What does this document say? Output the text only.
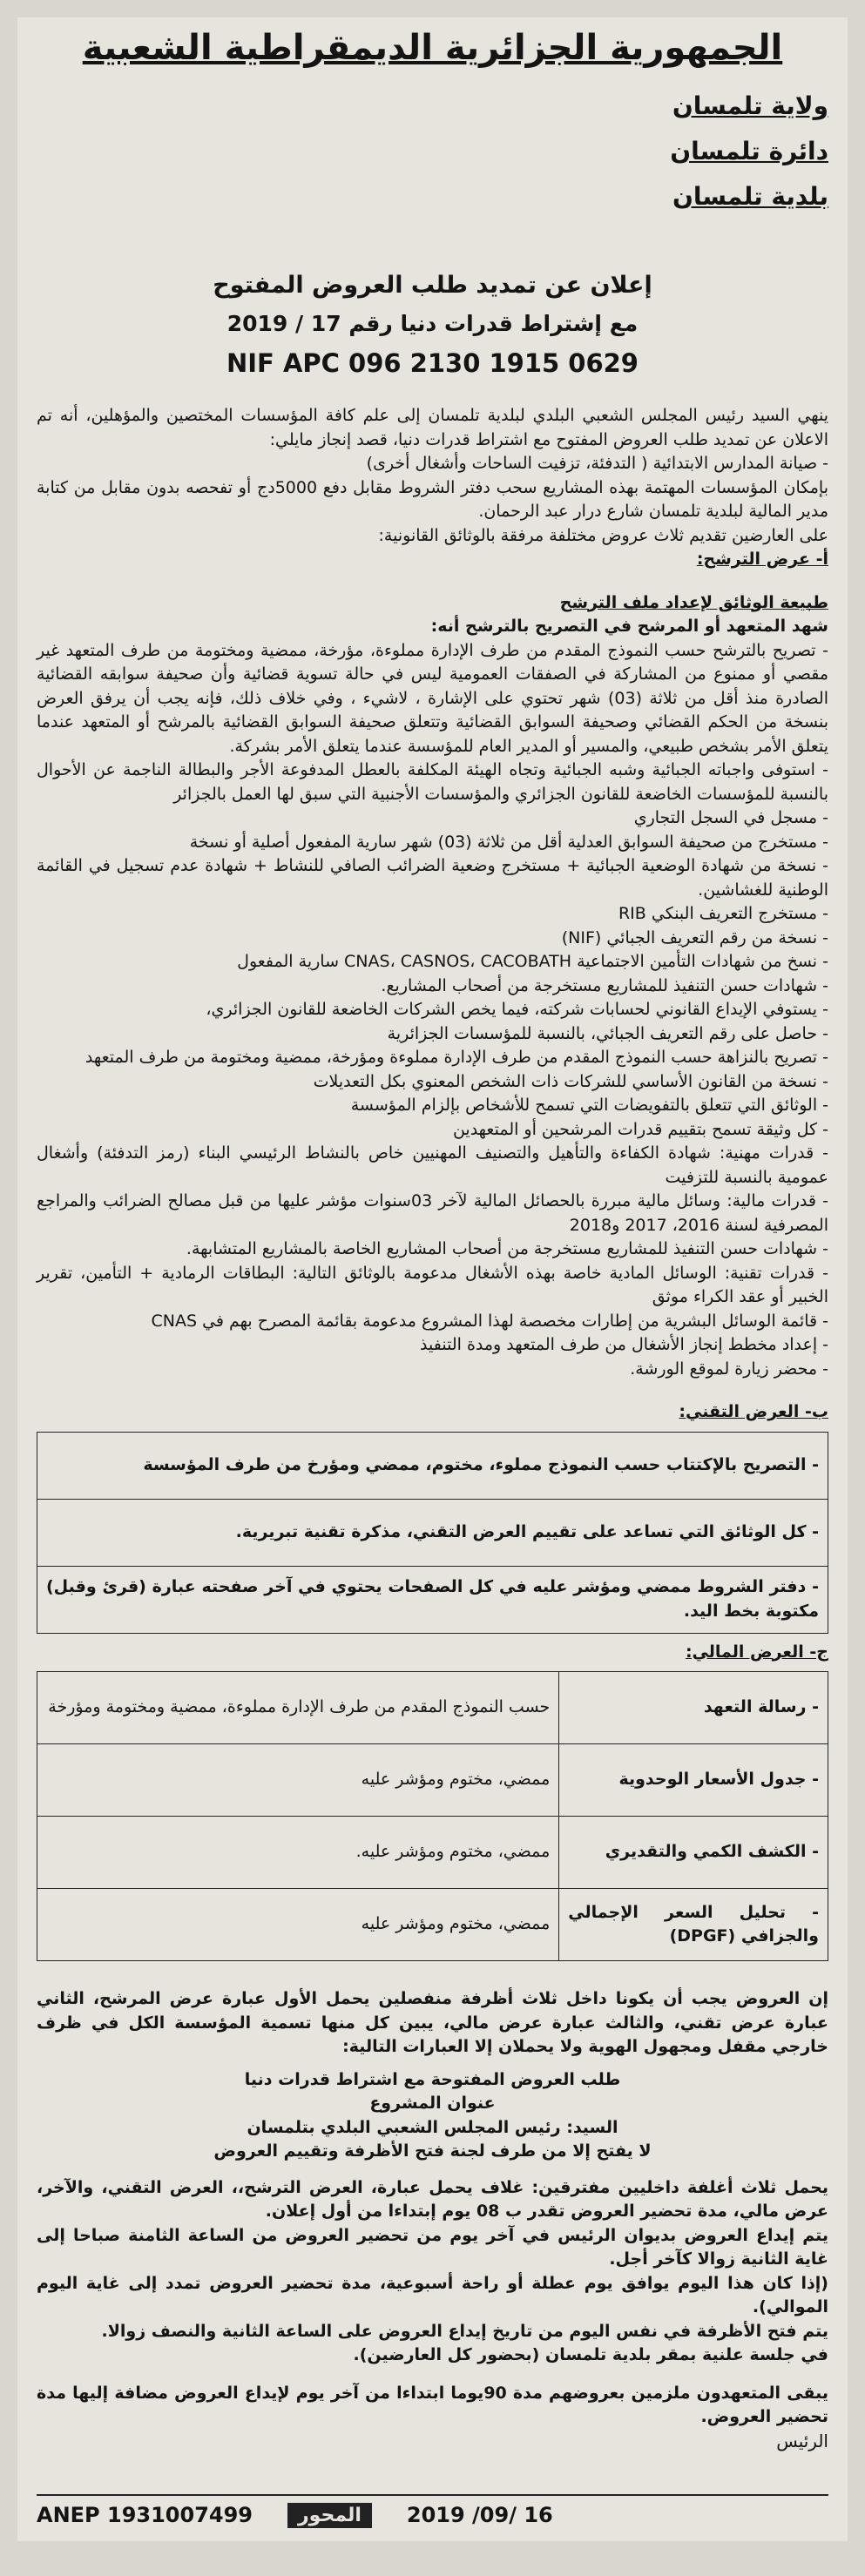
الجمهورية الجزائرية الديمقراطية الشعبية
ولاية تلمسان
دائرة تلمسان
بلدية تلمسان
إعلان عن تمديد طلب العروض المفتوح
مع إشتراط قدرات دنيا رقم 17 / 2019
NIF APC 096 2130 1915 0629

ينهي السيد رئيس المجلس الشعبي البلدي لبلدية تلمسان إلى علم كافة المؤسسات المختصين والمؤهلين، أنه تم الاعلان عن تمديد طلب العروض المفتوح مع اشتراط قدرات دنيا، قصد إنجاز مايلي:

- صيانة المدارس الابتدائية ( التدفئة، تزفيت الساحات وأشغال أخرى)

بإمكان المؤسسات المهتمة بهذه المشاريع سحب دفتر الشروط مقابل دفع 5000دج أو تفحصه بدون مقابل من كتابة مدير المالية لبلدية تلمسان شارع درار عبد الرحمان.

على العارضين تقديم ثلاث عروض مختلفة مرفقة بالوثائق القانونية:

أ- عرض الترشح:

طبيعة الوثائق لإعداد ملف الترشح

شهد المتعهد أو المرشح في التصريح بالترشح أنه:

- تصريح بالترشح حسب النموذج المقدم من طرف الإدارة مملوءة، مؤرخة، ممضية ومختومة من طرف المتعهد غير مقصي أو ممنوع من المشاركة في الصفقات العمومية ليس في حالة تسوية قضائية وأن صحيفة سوابقه القضائية الصادرة منذ أقل من ثلاثة (03) شهر تحتوي على الإشارة ، لاشيء ، وفي خلاف ذلك، فإنه يجب أن يرفق العرض بنسخة من الحكم القضائي وصحيفة السوابق القضائية وتتعلق صحيفة السوابق القضائية بالمرشح أو المتعهد عندما يتعلق الأمر بشخص طبيعي، والمسير أو المدير العام للمؤسسة عندما يتعلق الأمر بشركة.

- استوفى واجباته الجبائية وشبه الجبائية وتجاه الهيئة المكلفة بالعطل المدفوعة الأجر والبطالة الناجمة عن الأحوال بالنسبة للمؤسسات الخاضعة للقانون الجزائري والمؤسسات الأجنبية التي سبق لها العمل بالجزائر

- مسجل في السجل التجاري

- مستخرج من صحيفة السوابق العدلية أقل من ثلاثة (03) شهر سارية المفعول أصلية أو نسخة

- نسخة من شهادة الوضعية الجبائية + مستخرج وضعية الضرائب الصافي للنشاط + شهادة عدم تسجيل في القائمة الوطنية للغشاشين.

- مستخرج التعريف البنكي RIB

- نسخة من رقم التعريف الجبائي (NIF)

- نسخ من شهادات التأمين الاجتماعية CNAS، CASNOS، CACOBATH سارية المفعول

- شهادات حسن التنفيذ للمشاريع مستخرجة من أصحاب المشاريع.

- يستوفي الإيداع القانوني لحسابات شركته، فيما يخص الشركات الخاضعة للقانون الجزائري،

- حاصل على رقم التعريف الجبائي، بالنسبة للمؤسسات الجزائرية

- تصريح بالنزاهة حسب النموذج المقدم من طرف الإدارة مملوءة ومؤرخة، ممضية ومختومة من طرف المتعهد

- نسخة من القانون الأساسي للشركات ذات الشخص المعنوي بكل التعديلات

- الوثائق التي تتعلق بالتفويضات التي تسمح للأشخاص بإلزام المؤسسة

- كل وثيقة تسمح بتقييم قدرات المرشحين أو المتعهدين

- قدرات مهنية: شهادة الكفاءة والتأهيل والتصنيف المهنيين خاص بالنشاط الرئيسي البناء (رمز التدفئة) وأشغال عمومية بالنسبة للتزفيت

- قدرات مالية: وسائل مالية مبررة بالحصائل المالية لآخر 03سنوات مؤشر عليها من قبل مصالح الضرائب والمراجع المصرفية لسنة 2016، 2017 و2018

- شهادات حسن التنفيذ للمشاريع مستخرجة من أصحاب المشاريع الخاصة بالمشاريع المتشابهة.

- قدرات تقنية: الوسائل المادية خاصة بهذه الأشغال مدعومة بالوثائق التالية: البطاقات الرمادية + التأمين، تقرير الخبير أو عقد الكراء موثق

- قائمة الوسائل البشرية من إطارات مخصصة لهذا المشروع مدعومة بقائمة المصرح بهم في CNAS

- إعداد مخطط إنجاز الأشغال من طرف المتعهد ومدة التنفيذ

- محضر زيارة لموقع الورشة.

ب- العرض التقني:

- التصريح بالإكتتاب حسب النموذج مملوء، مختوم، ممضي ومؤرخ من طرف المؤسسة
- كل الوثائق التي تساعد على تقييم العرض التقني، مذكرة تقنية تبريرية.
- دفتر الشروط ممضي ومؤشر عليه في كل الصفحات يحتوي في آخر صفحته عبارة (قرئ وقبل) مكتوبة بخط اليد.

ج- العرض المالي:

- رسالة التعهد	حسب النموذج المقدم من طرف الإدارة مملوءة، ممضية ومختومة ومؤرخة
- جدول الأسعار الوحدوية	ممضي، مختوم ومؤشر عليه
- الكشف الكمي والتقديري	ممضي، مختوم ومؤشر عليه.
- تحليل السعر الإجمالي والجزافي (DPGF)	ممضي، مختوم ومؤشر عليه

إن العروض يجب أن يكونا داخل ثلاث أظرفة منفصلين يحمل الأول عبارة عرض المرشح، الثاني عبارة عرض تقني، والثالث عبارة عرض مالي، يبين كل منها تسمية المؤسسة الكل في ظرف خارجي مقفل ومجهول الهوية ولا يحملان إلا العبارات التالية:

طلب العروض المفتوحة مع اشتراط قدرات دنيا

عنوان المشروع

السيد: رئيس المجلس الشعبي البلدي بتلمسان

لا يفتح إلا من طرف لجنة فتح الأظرفة وتقييم العروض

يحمل ثلاث أغلفة داخليين مفترقين: غلاف يحمل عبارة، العرض الترشح،، العرض التقني، والآخر، عرض مالي، مدة تحضير العروض تقدر ب 08 يوم إبتداءا من أول إعلان.

يتم إيداع العروض بديوان الرئيس في آخر يوم من تحضير العروض من الساعة الثامنة صباحا إلى غاية الثانية زوالا كآخر أجل.

(إذا كان هذا اليوم يوافق يوم عطلة أو راحة أسبوعية، مدة تحضير العروض تمدد إلى غاية اليوم الموالي).

يتم فتح الأظرفة في نفس اليوم من تاريخ إيداع العروض على الساعة الثانية والنصف زوالا.

في جلسة علنية بمقر بلدية تلمسان (بحضور كل العارضين).

يبقى المتعهدون ملزمين بعروضهم مدة 90يوما ابتداءا من آخر يوم لإيداع العروض مضافة إليها مدة تحضير العروض.

الرئيس

ANEP 1931007499	المحور	2019 /09/ 16
